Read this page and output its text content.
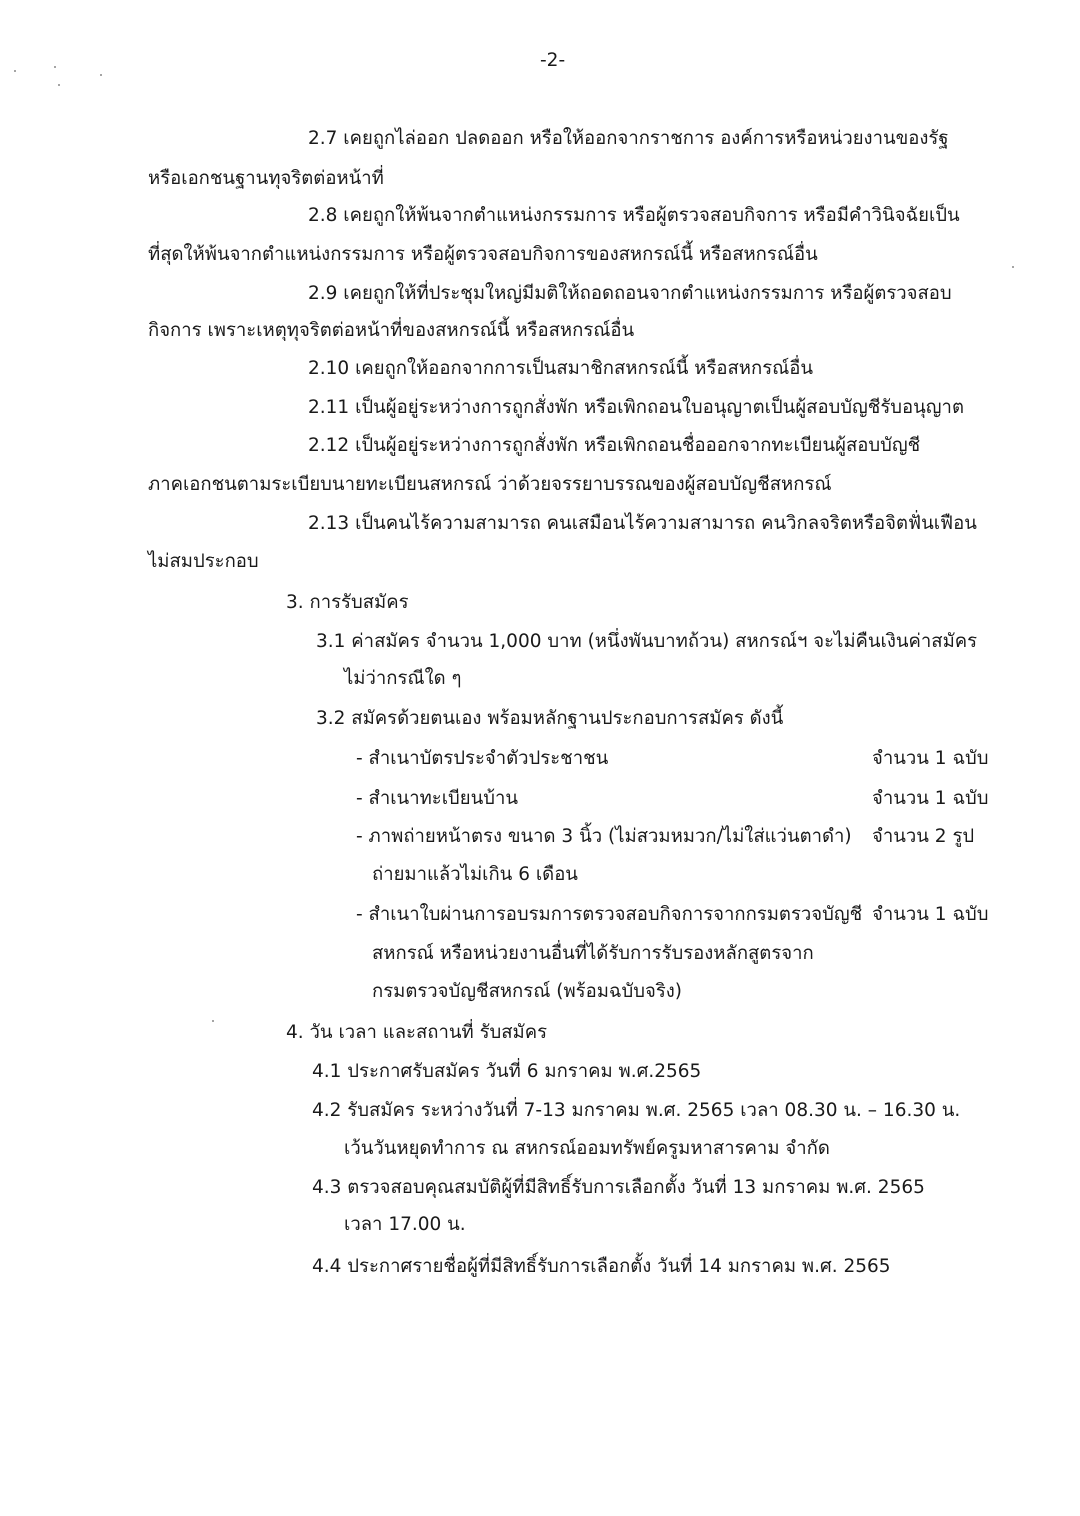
-2-
2.7 เคยถูกไล่ออก ปลดออก หรือให้ออกจากราชการ องค์การหรือหน่วยงานของรัฐ
หรือเอกชนฐานทุจริตต่อหน้าที่
2.8 เคยถูกให้พ้นจากตำแหน่งกรรมการ หรือผู้ตรวจสอบกิจการ หรือมีคำวินิจฉัยเป็น
ที่สุดให้พ้นจากตำแหน่งกรรมการ หรือผู้ตรวจสอบกิจการของสหกรณ์นี้ หรือสหกรณ์อื่น
2.9 เคยถูกให้ที่ประชุมใหญ่มีมติให้ถอดถอนจากตำแหน่งกรรมการ หรือผู้ตรวจสอบ
กิจการ เพราะเหตุทุจริตต่อหน้าที่ของสหกรณ์นี้ หรือสหกรณ์อื่น
2.10 เคยถูกให้ออกจากการเป็นสมาชิกสหกรณ์นี้ หรือสหกรณ์อื่น
2.11 เป็นผู้อยู่ระหว่างการถูกสั่งพัก หรือเพิกถอนใบอนุญาตเป็นผู้สอบบัญชีรับอนุญาต
2.12 เป็นผู้อยู่ระหว่างการถูกสั่งพัก หรือเพิกถอนชื่อออกจากทะเบียนผู้สอบบัญชี
ภาคเอกชนตามระเบียบนายทะเบียนสหกรณ์ ว่าด้วยจรรยาบรรณของผู้สอบบัญชีสหกรณ์
2.13 เป็นคนไร้ความสามารถ คนเสมือนไร้ความสามารถ คนวิกลจริตหรือจิตฟั่นเฟือน
ไม่สมประกอบ
3. การรับสมัคร
3.1 ค่าสมัคร จำนวน 1,000 บาท (หนึ่งพันบาทถ้วน) สหกรณ์ฯ จะไม่คืนเงินค่าสมัคร
ไม่ว่ากรณีใด ๆ
3.2 สมัครด้วยตนเอง พร้อมหลักฐานประกอบการสมัคร ดังนี้
- สำเนาบัตรประจำตัวประชาชน	จำนวน 1 ฉบับ
- สำเนาทะเบียนบ้าน	จำนวน 1 ฉบับ
- ภาพถ่ายหน้าตรง ขนาด 3 นิ้ว (ไม่สวมหมวก/ไม่ใส่แว่นตาดำ) จำนวน 2 รูป
ถ่ายมาแล้วไม่เกิน 6 เดือน
- สำเนาใบผ่านการอบรมการตรวจสอบกิจการจากกรมตรวจบัญชี จำนวน 1 ฉบับ
สหกรณ์ หรือหน่วยงานอื่นที่ได้รับการรับรองหลักสูตรจาก
กรมตรวจบัญชีสหกรณ์ (พร้อมฉบับจริง)
4. วัน เวลา และสถานที่ รับสมัคร
4.1 ประกาศรับสมัคร วันที่ 6 มกราคม พ.ศ.2565
4.2 รับสมัคร ระหว่างวันที่ 7-13 มกราคม พ.ศ. 2565 เวลา 08.30 น. – 16.30 น.
เว้นวันหยุดทำการ ณ สหกรณ์ออมทรัพย์ครูมหาสารคาม จำกัด
4.3 ตรวจสอบคุณสมบัติผู้ที่มีสิทธิ์รับการเลือกตั้ง วันที่ 13 มกราคม พ.ศ. 2565
เวลา 17.00 น.
4.4 ประกาศรายชื่อผู้ที่มีสิทธิ์รับการเลือกตั้ง วันที่ 14 มกราคม พ.ศ. 2565
